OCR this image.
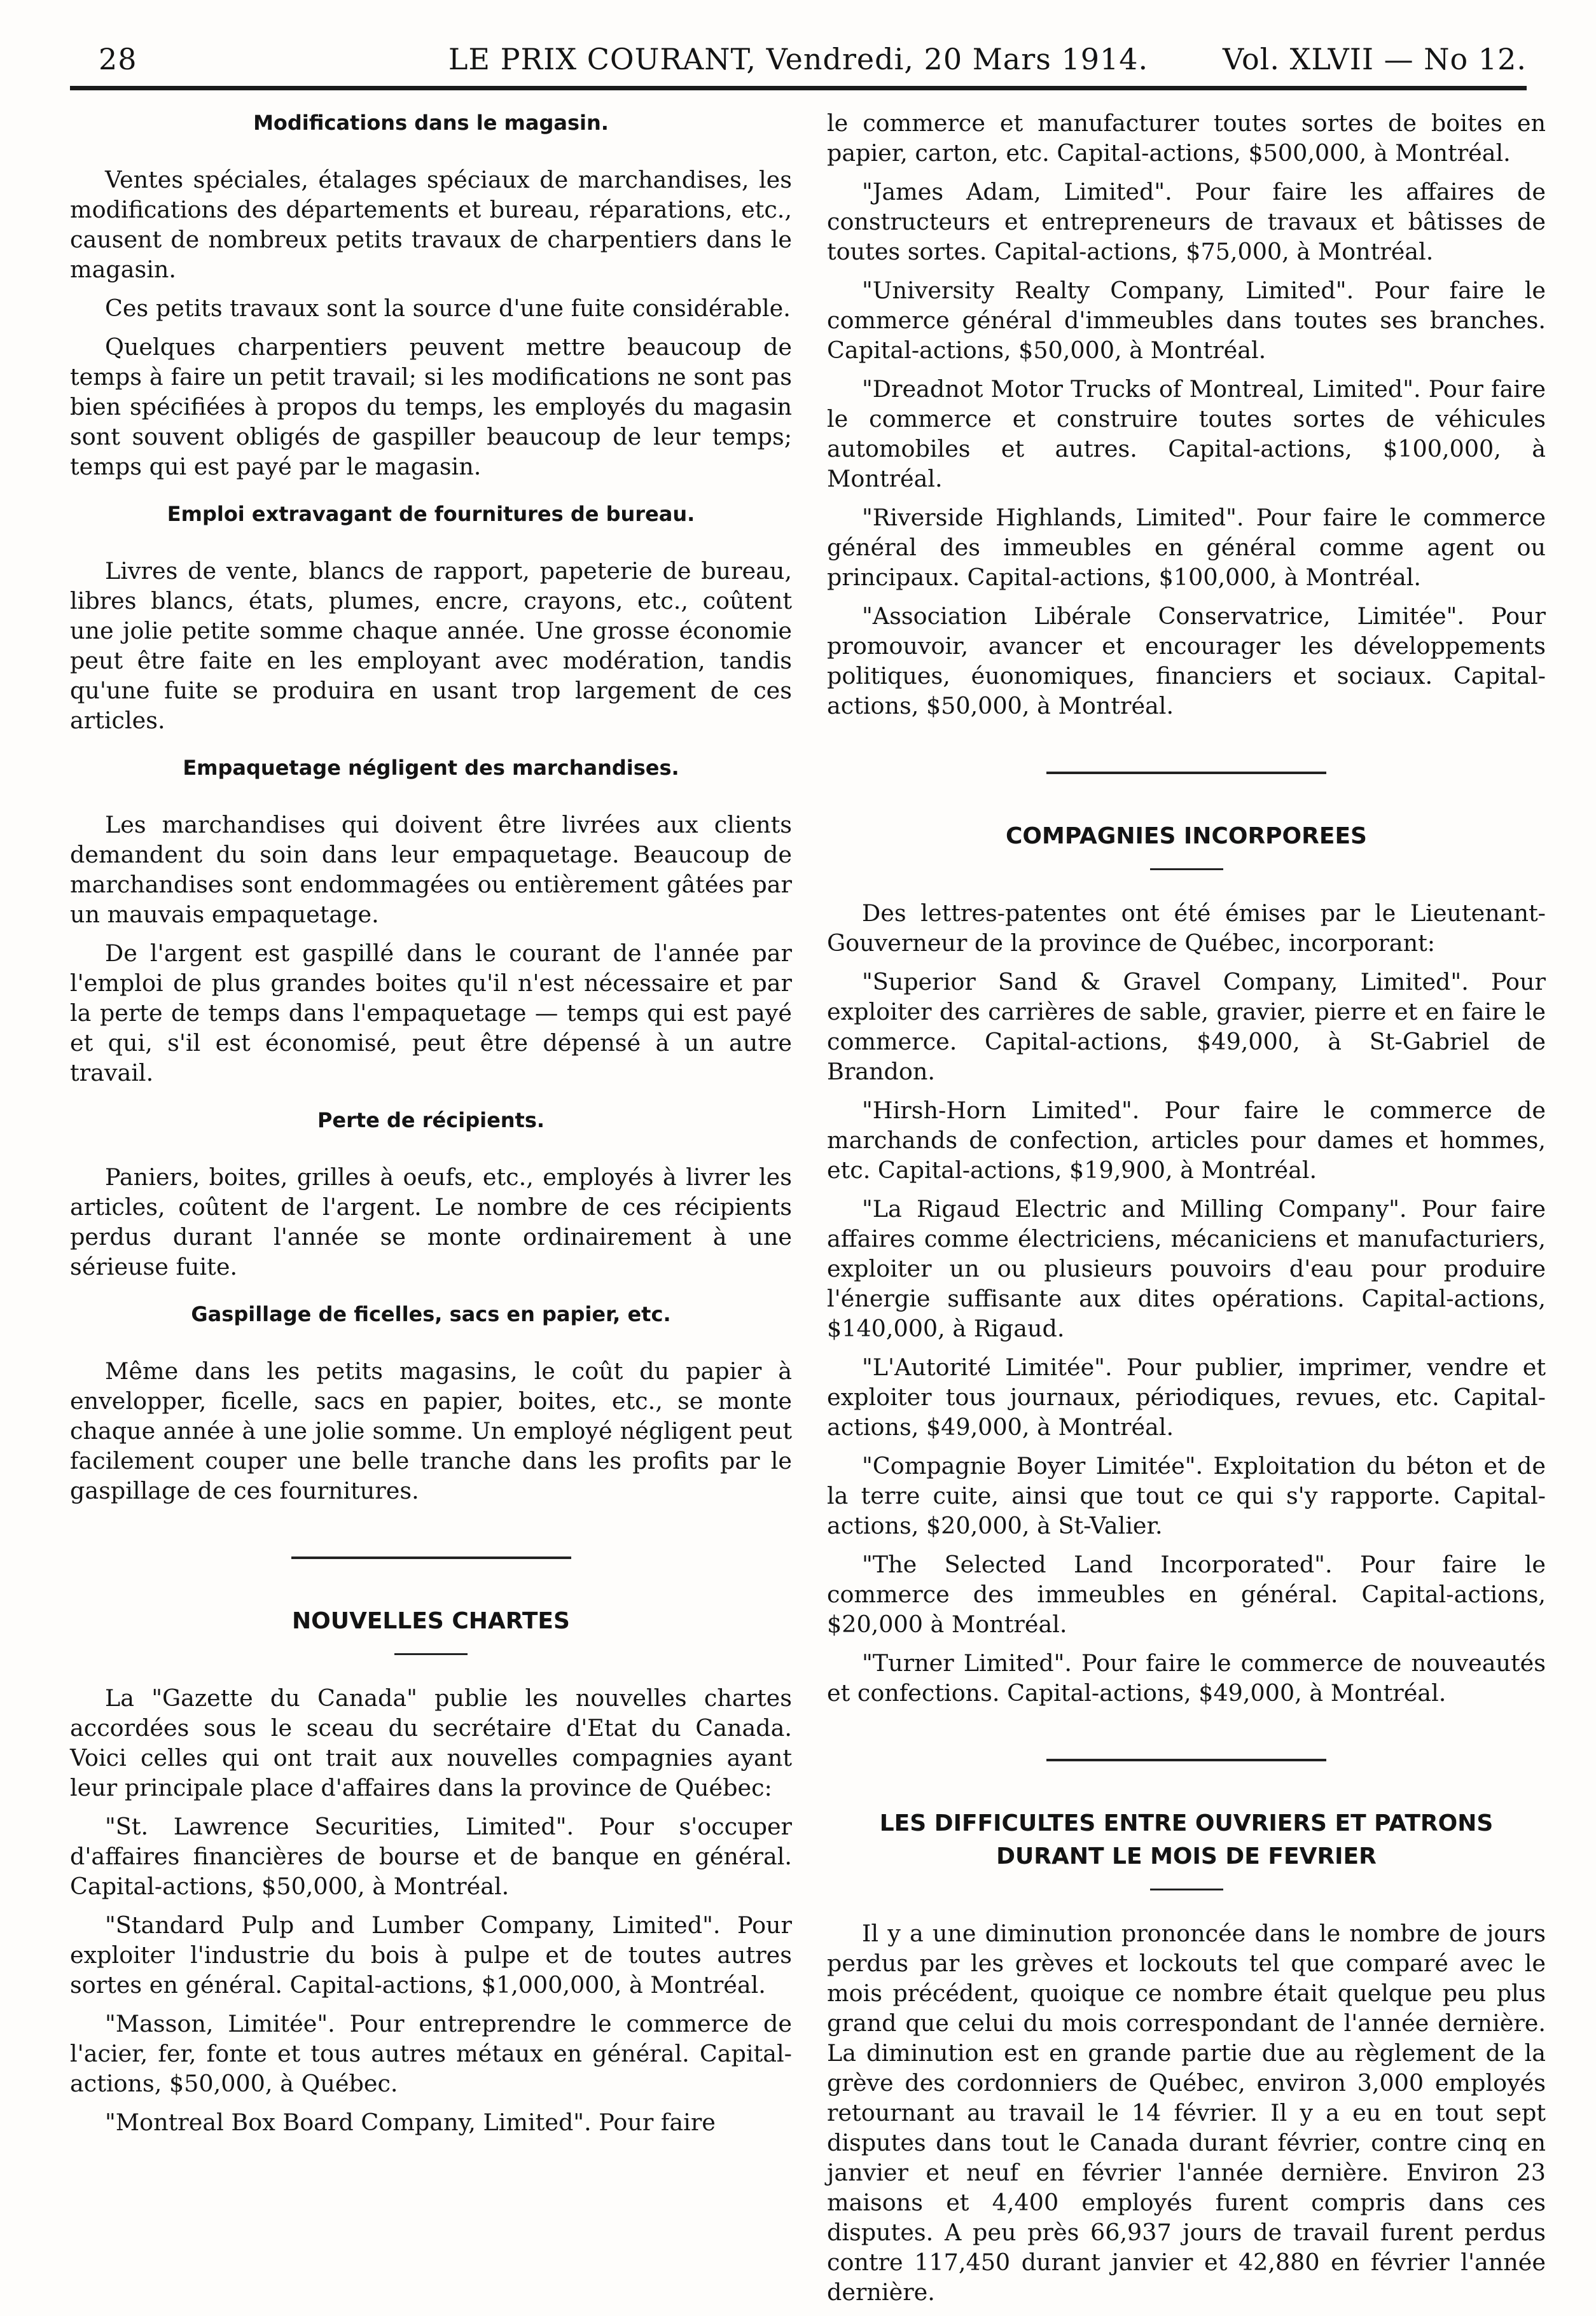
28	LE PRIX COURANT, Vendredi, 20 Mars 1914.	Vol. XLVII — No 12.
Modifications dans le magasin.

Ventes spéciales, étalages spéciaux de marchandises, les modifications des départements et bureau, réparations, etc., causent de nombreux petits travaux de charpentiers dans le magasin.

Ces petits travaux sont la source d'une fuite considérable.

Quelques charpentiers peuvent mettre beaucoup de temps à faire un petit travail; si les modifications ne sont pas bien spécifiées à propos du temps, les employés du magasin sont souvent obligés de gaspiller beaucoup de leur temps; temps qui est payé par le magasin.

Emploi extravagant de fournitures de bureau.

Livres de vente, blancs de rapport, papeterie de bureau, libres blancs, états, plumes, encre, crayons, etc., coûtent une jolie petite somme chaque année. Une grosse économie peut être faite en les employant avec modération, tandis qu'une fuite se produira en usant trop largement de ces articles.

Empaquetage négligent des marchandises.

Les marchandises qui doivent être livrées aux clients demandent du soin dans leur empaquetage. Beaucoup de marchandises sont endommagées ou entièrement gâtées par un mauvais empaquetage.

De l'argent est gaspillé dans le courant de l'année par l'emploi de plus grandes boites qu'il n'est nécessaire et par la perte de temps dans l'empaquetage — temps qui est payé et qui, s'il est économisé, peut être dépensé à un autre travail.

Perte de récipients.

Paniers, boites, grilles à oeufs, etc., employés à livrer les articles, coûtent de l'argent. Le nombre de ces récipients perdus durant l'année se monte ordinairement à une sérieuse fuite.

Gaspillage de ficelles, sacs en papier, etc.

Même dans les petits magasins, le coût du papier à envelopper, ficelle, sacs en papier, boites, etc., se monte chaque année à une jolie somme. Un employé négligent peut facilement couper une belle tranche dans les profits par le gaspillage de ces fournitures.

NOUVELLES CHARTES

La "Gazette du Canada" publie les nouvelles chartes accordées sous le sceau du secrétaire d'Etat du Canada. Voici celles qui ont trait aux nouvelles compagnies ayant leur principale place d'affaires dans la province de Québec:

"St. Lawrence Securities, Limited". Pour s'occuper d'affaires financières de bourse et de banque en général. Capital-actions, $50,000, à Montréal.

"Standard Pulp and Lumber Company, Limited". Pour exploiter l'industrie du bois à pulpe et de toutes autres sortes en général. Capital-actions, $1,000,000, à Montréal.

"Masson, Limitée". Pour entreprendre le commerce de l'acier, fer, fonte et tous autres métaux en général. Capital-actions, $50,000, à Québec.

"Montreal Box Board Company, Limited". Pour faire

le commerce et manufacturer toutes sortes de boites en papier, carton, etc. Capital-actions, $500,000, à Montréal.

"James Adam, Limited". Pour faire les affaires de constructeurs et entrepreneurs de travaux et bâtisses de toutes sortes. Capital-actions, $75,000, à Montréal.

"University Realty Company, Limited". Pour faire le commerce général d'immeubles dans toutes ses branches. Capital-actions, $50,000, à Montréal.

"Dreadnot Motor Trucks of Montreal, Limited". Pour faire le commerce et construire toutes sortes de véhicules automobiles et autres. Capital-actions, $100,000, à Montréal.

"Riverside Highlands, Limited". Pour faire le commerce général des immeubles en général comme agent ou principaux. Capital-actions, $100,000, à Montréal.

"Association Libérale Conservatrice, Limitée". Pour promouvoir, avancer et encourager les développements politiques, éuonomiques, financiers et sociaux. Capital-actions, $50,000, à Montréal.

COMPAGNIES INCORPOREES

Des lettres-patentes ont été émises par le Lieutenant-Gouverneur de la province de Québec, incorporant:

"Superior Sand & Gravel Company, Limited". Pour exploiter des carrières de sable, gravier, pierre et en faire le commerce. Capital-actions, $49,000, à St-Gabriel de Brandon.

"Hirsh-Horn Limited". Pour faire le commerce de marchands de confection, articles pour dames et hommes, etc. Capital-actions, $19,900, à Montréal.

"La Rigaud Electric and Milling Company". Pour faire affaires comme électriciens, mécaniciens et manufacturiers, exploiter un ou plusieurs pouvoirs d'eau pour produire l'énergie suffisante aux dites opérations. Capital-actions, $140,000, à Rigaud.

"L'Autorité Limitée". Pour publier, imprimer, vendre et exploiter tous journaux, périodiques, revues, etc. Capital-actions, $49,000, à Montréal.

"Compagnie Boyer Limitée". Exploitation du béton et de la terre cuite, ainsi que tout ce qui s'y rapporte. Capital-actions, $20,000, à St-Valier.

"The Selected Land Incorporated". Pour faire le commerce des immeubles en général. Capital-actions, $20,000 à Montréal.

"Turner Limited". Pour faire le commerce de nouveautés et confections. Capital-actions, $49,000, à Montréal.

LES DIFFICULTES ENTRE OUVRIERS ET PATRONS DURANT LE MOIS DE FEVRIER

Il y a une diminution prononcée dans le nombre de jours perdus par les grèves et lockouts tel que comparé avec le mois précédent, quoique ce nombre était quelque peu plus grand que celui du mois correspondant de l'année dernière. La diminution est en grande partie due au règlement de la grève des cordonniers de Québec, environ 3,000 employés retournant au travail le 14 février. Il y a eu en tout sept disputes dans tout le Canada durant février, contre cinq en janvier et neuf en février l'année dernière. Environ 23 maisons et 4,400 employés furent compris dans ces disputes. A peu près 66,937 jours de travail furent perdus contre 117,450 durant janvier et 42,880 en février l'année dernière.
